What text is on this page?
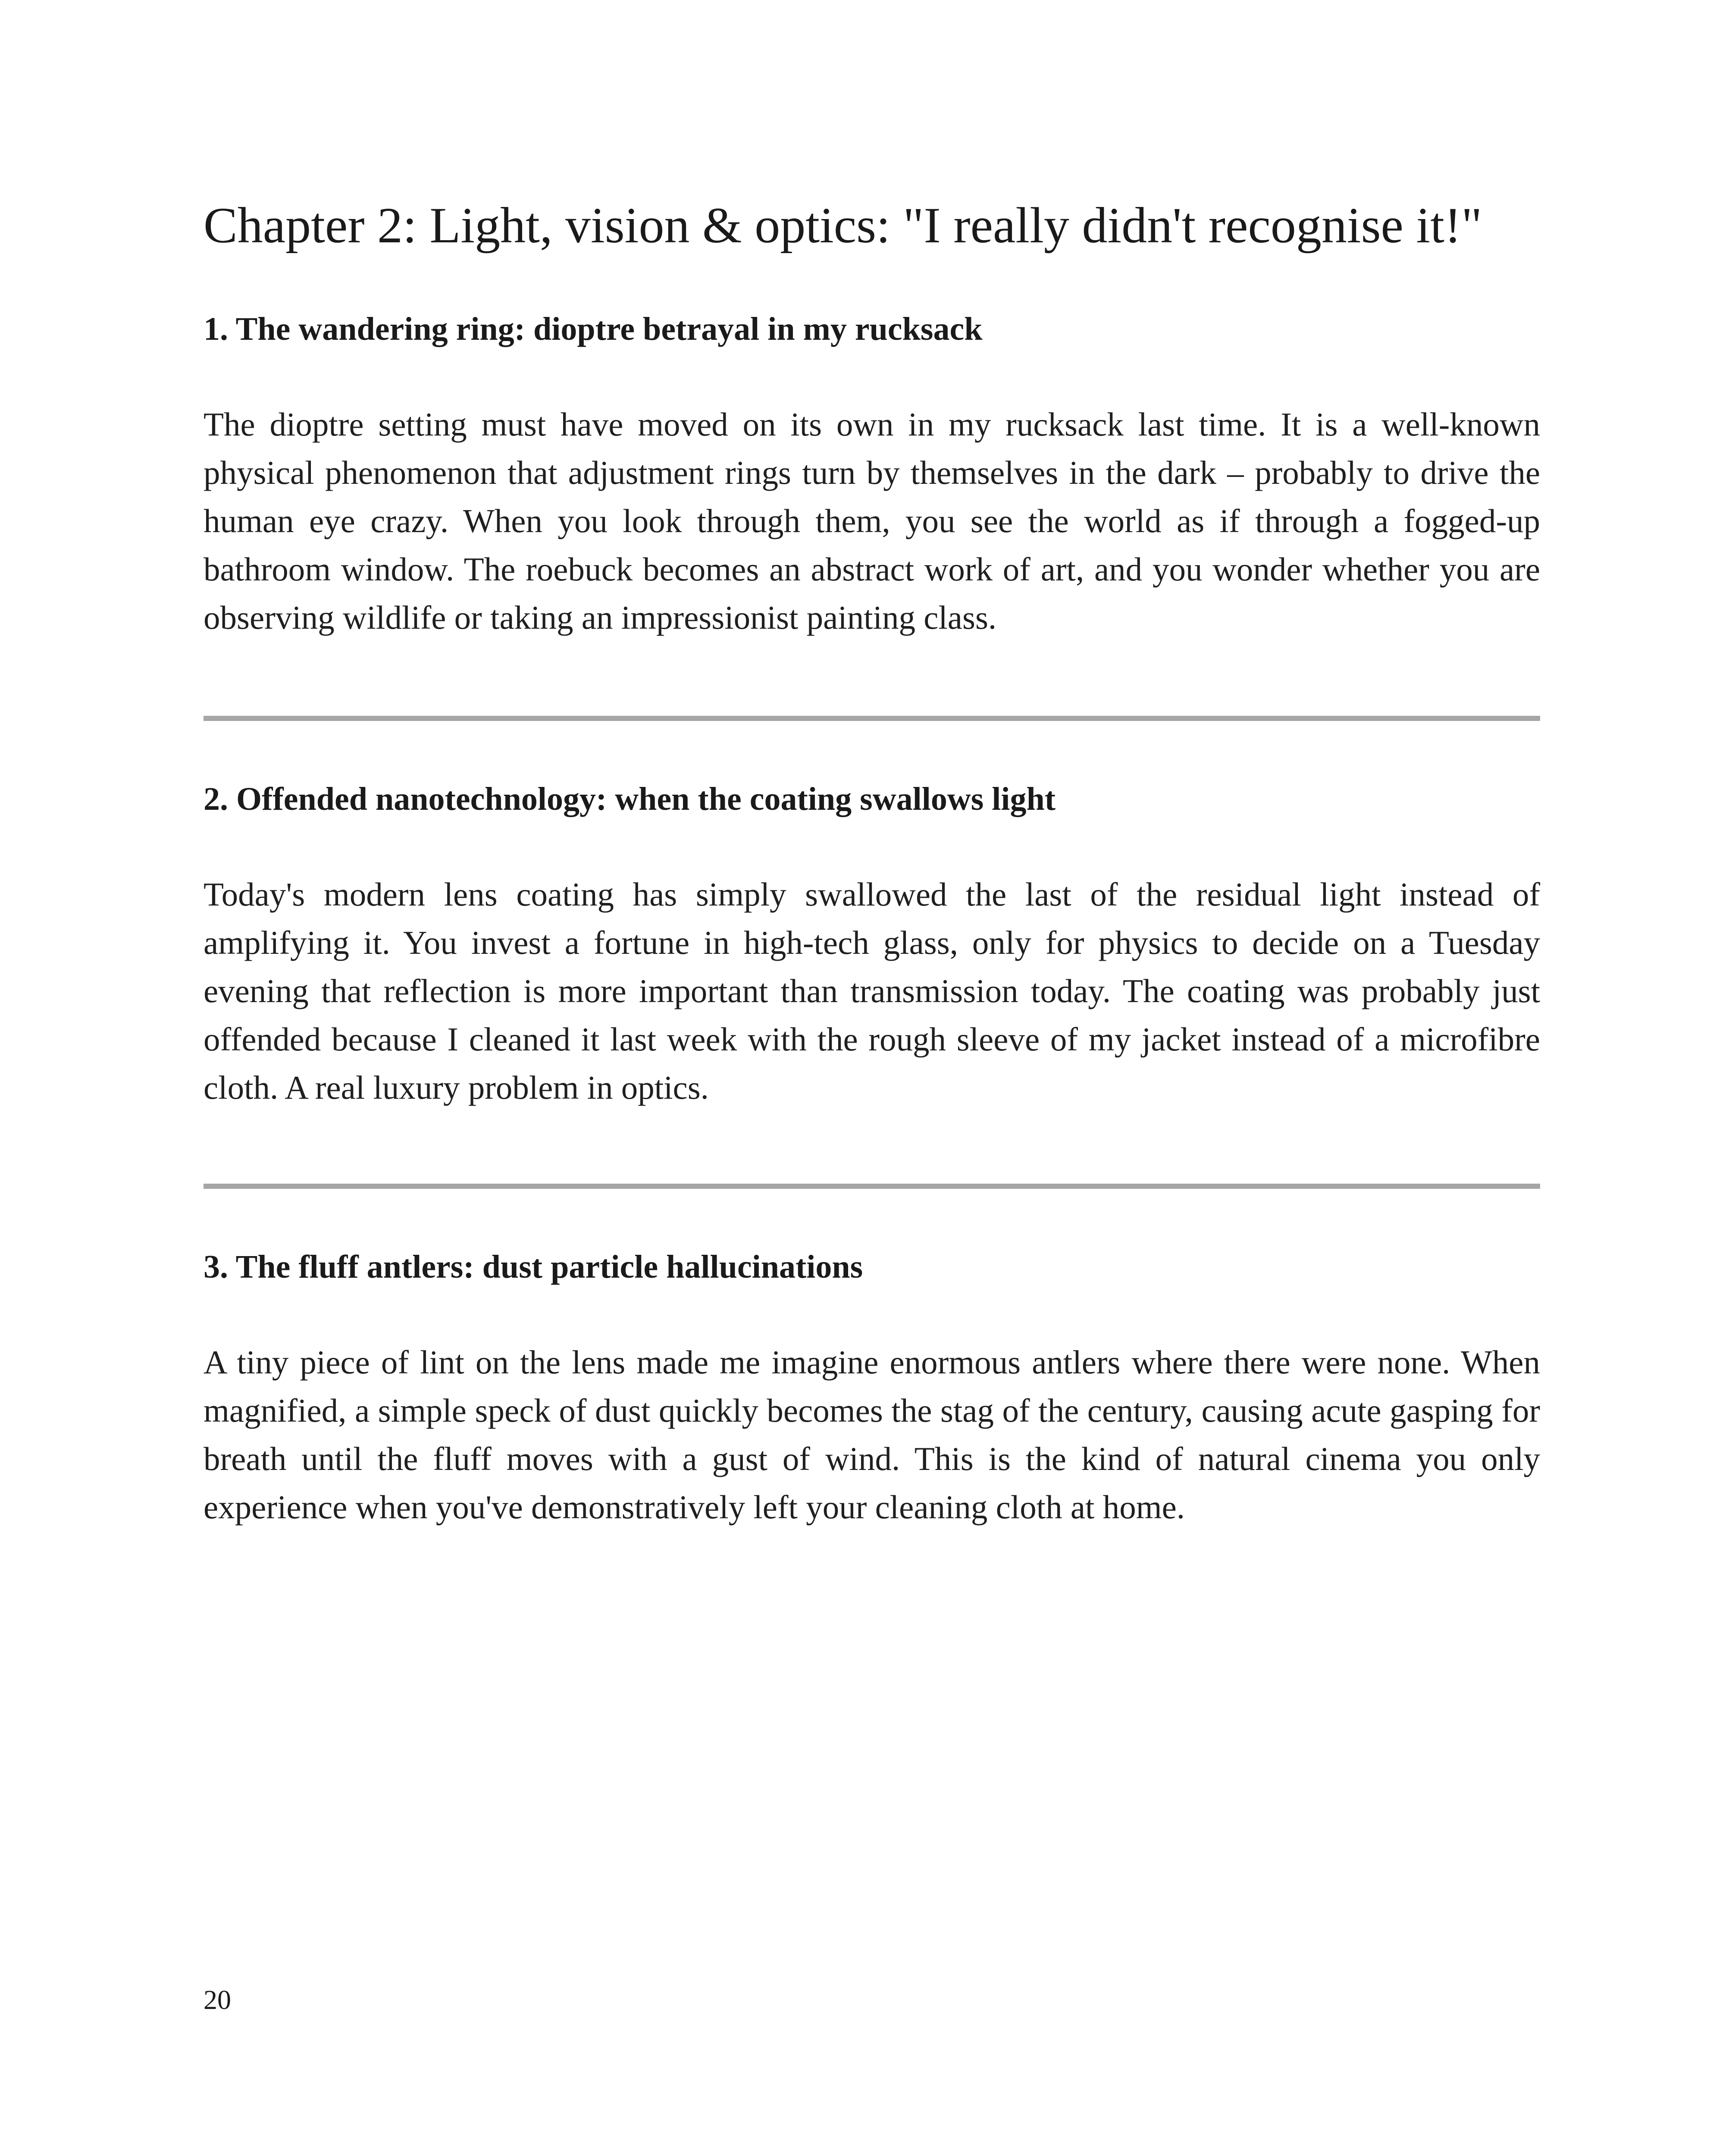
Chapter 2: Light, vision & optics: "I really didn't recognise it!"
1. The wandering ring: dioptre betrayal in my rucksack

The dioptre setting must have moved on its own in my rucksack last time. It is a well-known physical phenomenon that adjustment rings turn by themselves in the dark – probably to drive the human eye crazy. When you look through them, you see the world as if through a fogged-up bathroom window. The roebuck becomes an abstract work of art, and you wonder whether you are observing wildlife or taking an impressionist painting class.

2. Offended nanotechnology: when the coating swallows light

Today's modern lens coating has simply swallowed the last of the residual light instead of amplifying it. You invest a fortune in high-tech glass, only for physics to decide on a Tuesday evening that reflection is more important than transmission today. The coating was probably just offended because I cleaned it last week with the rough sleeve of my jacket instead of a microfibre cloth. A real luxury problem in optics.

3. The fluff antlers: dust particle hallucinations

A tiny piece of lint on the lens made me imagine enormous antlers where there were none. When magnified, a simple speck of dust quickly becomes the stag of the century, causing acute gasping for breath until the fluff moves with a gust of wind. This is the kind of natural cinema you only experience when you've demonstratively left your cleaning cloth at home.

20
